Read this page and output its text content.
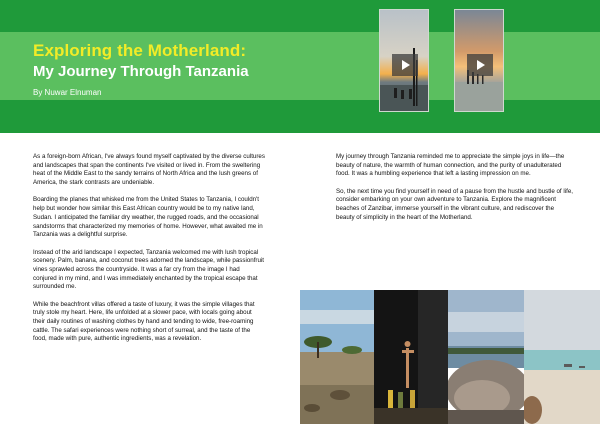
Exploring the Motherland:
My Journey Through Tanzania
By Nuwar Elnuman

As a foreign-born African, I've always found myself captivated by the diverse cultures and landscapes that span the continents I've visited or lived in. From the sweltering heat of the Middle East to the sandy terrains of North Africa and the lush greens of America, the stark contrasts are undeniable.

Boarding the planes that whisked me from the United States to Tanzania, I couldn't help but wonder how similar this East African country would be to my native land, Sudan. I anticipated the familiar dry weather, the rugged roads, and the occasional sandstorms that characterized my memories of home. However, what awaited me in Tanzania was a delightful surprise.

Instead of the arid landscape I expected, Tanzania welcomed me with lush tropical scenery. Palm, banana, and coconut trees adorned the landscape, while passionfruit vines sprawled across the countryside. It was a far cry from the image I had conjured in my mind, and I was immediately enchanted by the tropical escape that surrounded me.

While the beachfront villas offered a taste of luxury, it was the simple villages that truly stole my heart. Here, life unfolded at a slower pace, with locals going about their daily routines of washing clothes by hand and tending to wide, free-roaming cattle. The safari experiences were nothing short of surreal, and the taste of the food, made with pure, authentic ingredients, was a revelation.

My journey through Tanzania reminded me to appreciate the simple joys in life—the beauty of nature, the warmth of human connection, and the purity of unadulterated food. It was a humbling experience that left a lasting impression on me.

So, the next time you find yourself in need of a pause from the hustle and bustle of life, consider embarking on your own adventure to Tanzania. Explore the magnificent beaches of Zanzibar, immerse yourself in the vibrant culture, and rediscover the beauty of simplicity in the heart of the Motherland.
